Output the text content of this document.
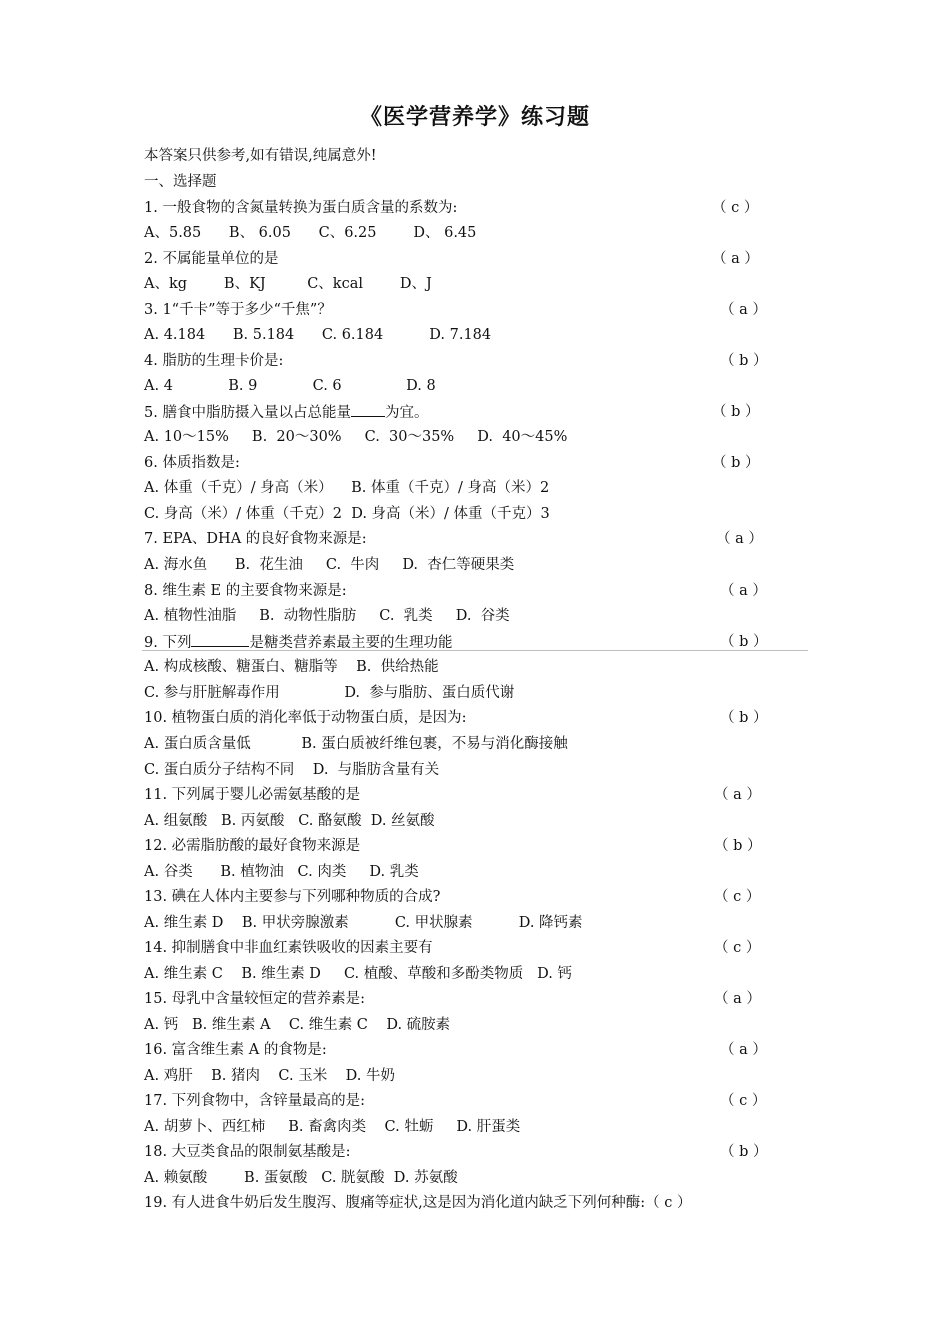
《医学营养学》练习题
本答案只供参考,如有错误,纯属意外!
一、选择题
1. 一般食物的含氮量转换为蛋白质含量的系数为:	（ c ）
A、5.85      B、 6.05      C、6.25        D、 6.45
2. 不属能量单位的是	（ a ）
A、kg        B、KJ         C、kcal        D、J
3. 1“千卡”等于多少“千焦”？	（ a ）
A. 4.184      B. 5.184      C. 6.184          D. 7.184
4. 脂肪的生理卡价是:	（ b ）
A. 4            B. 9            C. 6              D. 8
5. 膳食中脂肪摄入量以占总能量 为宜。	（ b ）
A. 10～15%     B.  20～30%     C.  30～35%     D.  40～45%
6. 体质指数是:	（ b ）
A. 体重（千克）/ 身高（米）    B. 体重（千克）/ 身高（米）2
C. 身高（米）/ 体重（千克）2  D. 身高（米）/ 体重（千克）3
7. EPA、DHA 的良好食物来源是:	（ a ）
A. 海水鱼      B.  花生油     C.  牛肉     D.  杏仁等硬果类
8. 维生素 E 的主要食物来源是:	（ a ）
A. 植物性油脂     B.  动物性脂肪     C.  乳类     D.  谷类
9. 下列	是糖类营养素最主要的生理功能	（ b ）
A. 构成核酸、糖蛋白、糖脂等    B.  供给热能
C. 参与肝脏解毒作用              D.  参与脂肪、蛋白质代谢
10. 植物蛋白质的消化率低于动物蛋白质，是因为:	（ b ）
A. 蛋白质含量低           B. 蛋白质被纤维包裹，不易与消化酶接触
C. 蛋白质分子结构不同    D.  与脂肪含量有关
11. 下列属于婴儿必需氨基酸的是	（ a ）
A. 组氨酸   B. 丙氨酸   C. 酪氨酸  D. 丝氨酸
12. 必需脂肪酸的最好食物来源是	（ b ）
A. 谷类      B. 植物油   C. 肉类     D. 乳类
13. 碘在人体内主要参与下列哪种物质的合成?	（ c ）
A. 维生素 D    B. 甲状旁腺激素          C. 甲状腺素          D. 降钙素
14. 抑制膳食中非血红素铁吸收的因素主要有	（ c ）
A. 维生素 C    B. 维生素 D     C. 植酸、草酸和多酚类物质   D. 钙
15. 母乳中含量较恒定的营养素是:	（ a ）
A. 钙   B. 维生素 A    C. 维生素 C    D. 硫胺素
16. 富含维生素 A 的食物是:	（ a ）
A. 鸡肝    B. 猪肉    C. 玉米    D. 牛奶
17. 下列食物中，含锌量最高的是:	（ c ）
A. 胡萝卜、西红柿     B. 畜禽肉类    C. 牡蛎     D. 肝蛋类
18. 大豆类食品的限制氨基酸是:	（ b ）
A. 赖氨酸        B. 蛋氨酸   C. 胱氨酸  D. 苏氨酸
19. 有人进食牛奶后发生腹泻、腹痛等症状,这是因为消化道内缺乏下列何种酶:（ c ）
